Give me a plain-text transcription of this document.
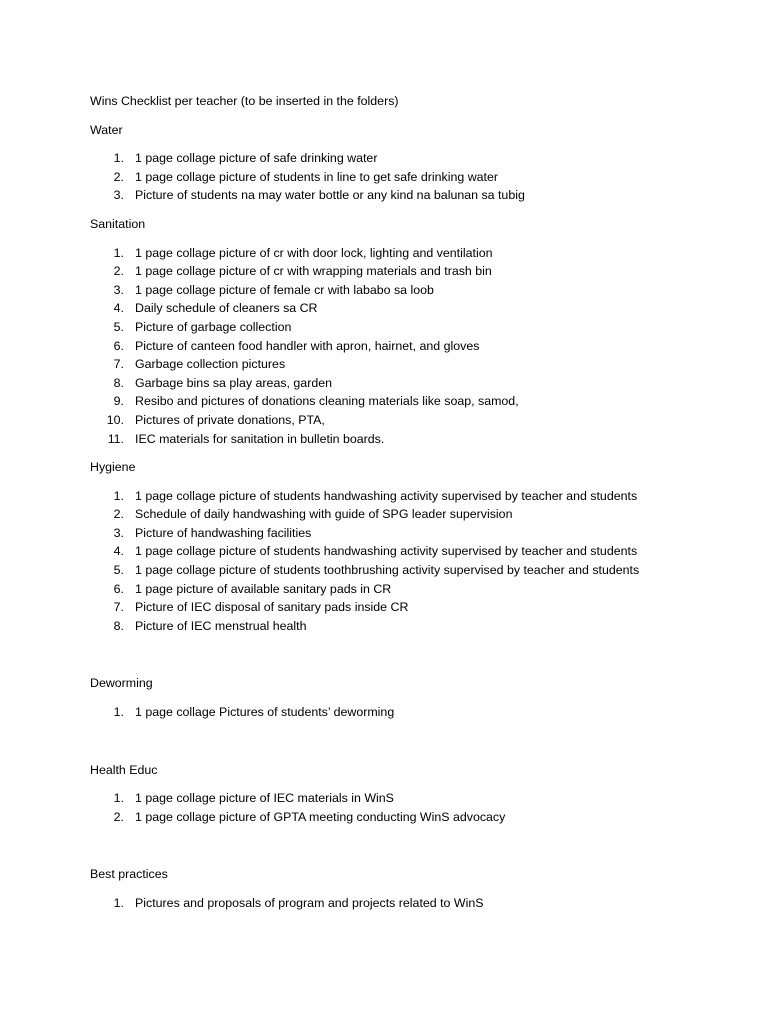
Wins Checklist per teacher (to be inserted in the folders)

Water

1. 1 page collage picture of safe drinking water
2. 1 page collage picture of students in line to get safe drinking water
3. Picture of students na may water bottle or any kind na balunan sa tubig

Sanitation

1. 1 page collage picture of cr with door lock, lighting and ventilation
2. 1 page collage picture of cr with wrapping materials and trash bin
3. 1 page collage picture of female cr with lababo sa loob
4. Daily schedule of cleaners sa CR
5. Picture of garbage collection
6. Picture of canteen food handler with apron, hairnet, and gloves
7. Garbage collection pictures
8. Garbage bins sa play areas, garden
9. Resibo and pictures of donations cleaning materials like soap, samod,
10. Pictures of private donations, PTA,
11. IEC materials for sanitation in bulletin boards.

Hygiene

1. 1 page collage picture of students handwashing activity supervised by teacher and students
2. Schedule of daily handwashing with guide of SPG leader supervision
3. Picture of handwashing facilities
4. 1 page collage picture of students handwashing activity supervised by teacher and students
5. 1 page collage picture of students toothbrushing activity supervised by teacher and students
6. 1 page picture of available sanitary pads in CR
7. Picture of IEC disposal of sanitary pads inside CR
8. Picture of IEC menstrual health

Deworming

1. 1 page collage Pictures of students’ deworming

Health Educ

1. 1 page collage picture of IEC materials in WinS
2. 1 page collage picture of GPTA meeting conducting WinS advocacy

Best practices

1. Pictures and proposals of program and projects related to WinS
